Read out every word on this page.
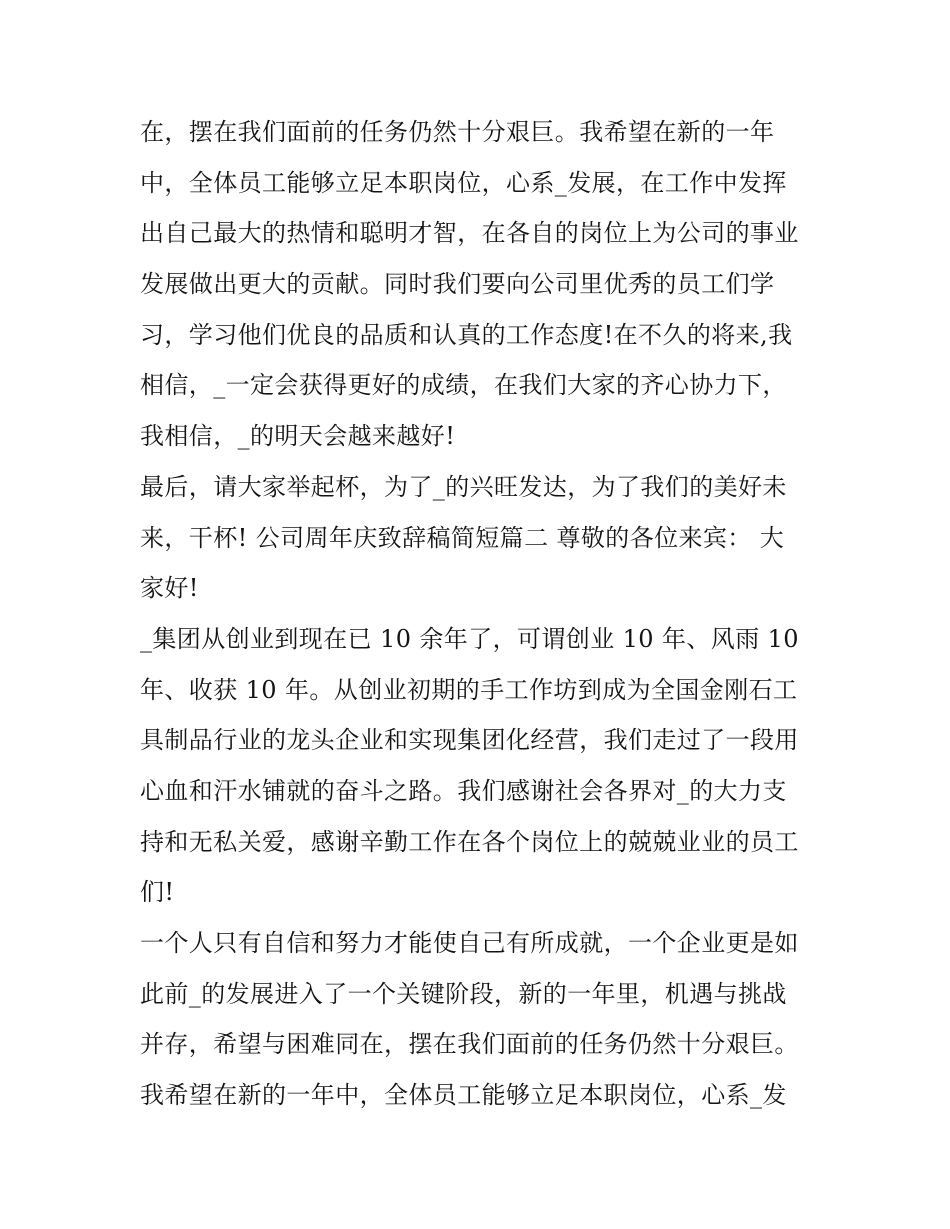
在，摆在我们面前的任务仍然十分艰巨。我希望在新的一年
中，全体员工能够立足本职岗位，心系_发展，在工作中发挥
出自己最大的热情和聪明才智，在各自的岗位上为公司的事业
发展做出更大的贡献。同时我们要向公司里优秀的员工们学
习，学习他们优良的品质和认真的工作态度!在不久的将来,我
相信，_一定会获得更好的成绩，在我们大家的齐心协力下，
我相信，_的明天会越来越好!
最后，请大家举起杯，为了_的兴旺发达，为了我们的美好未
来，干杯! 公司周年庆致辞稿简短篇二 尊敬的各位来宾： 大
家好!
_集团从创业到现在已 10 余年了，可谓创业 10 年、风雨 10
年、收获 10 年。从创业初期的手工作坊到成为全国金刚石工
具制品行业的龙头企业和实现集团化经营，我们走过了一段用
心血和汗水铺就的奋斗之路。我们感谢社会各界对_的大力支
持和无私关爱，感谢辛勤工作在各个岗位上的兢兢业业的员工
们!
一个人只有自信和努力才能使自己有所成就，一个企业更是如
此前_的发展进入了一个关键阶段，新的一年里，机遇与挑战
并存，希望与困难同在，摆在我们面前的任务仍然十分艰巨。
我希望在新的一年中，全体员工能够立足本职岗位，心系_发
